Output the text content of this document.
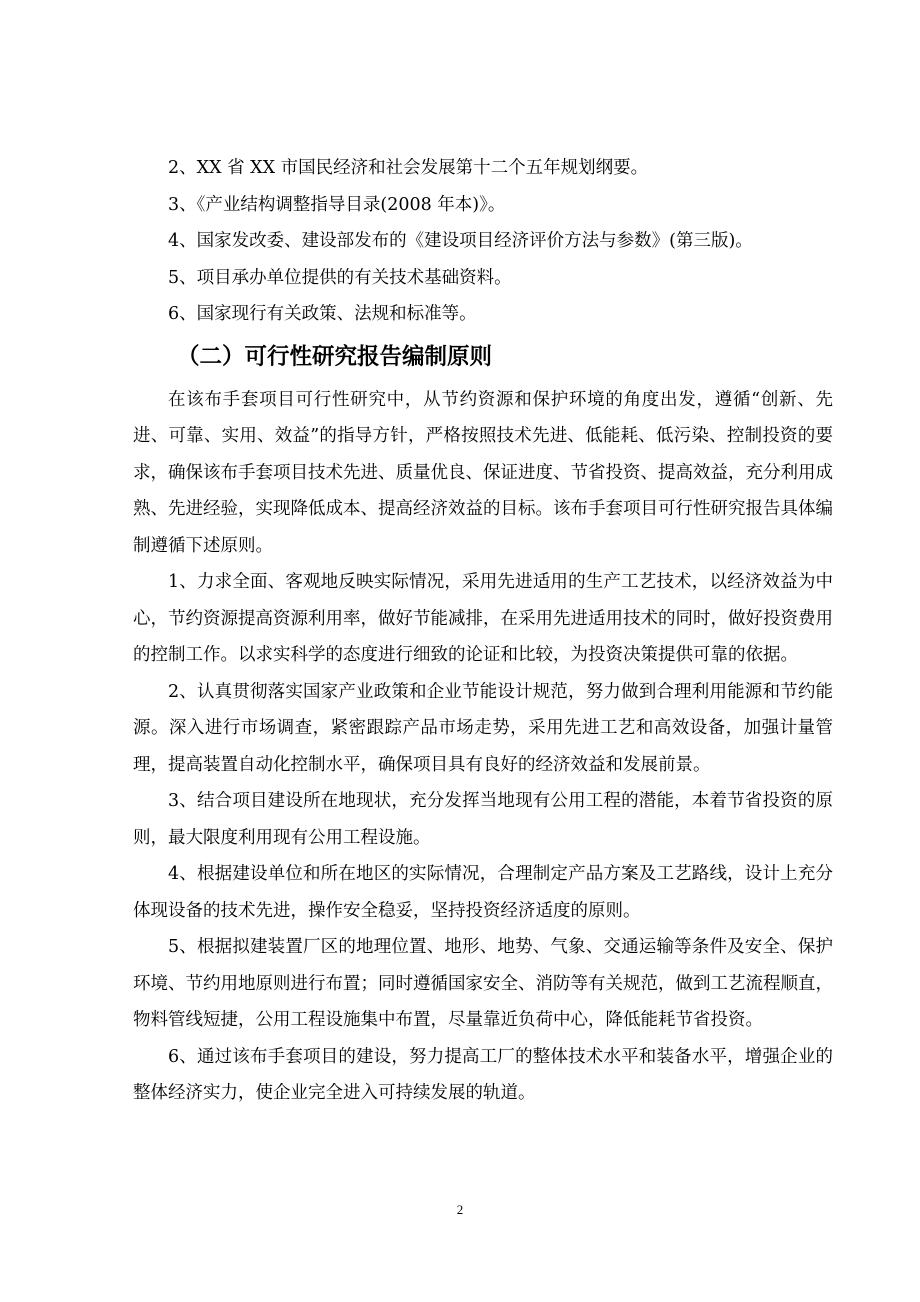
2、XX 省 XX 市国民经济和社会发展第十二个五年规划纲要。
3、《产业结构调整指导目录(2008 年本)》。
4、国家发改委、建设部发布的《建设项目经济评价方法与参数》(第三版)。
5、项目承办单位提供的有关技术基础资料。
6、国家现行有关政策、法规和标准等。
（二）可行性研究报告编制原则

在该布手套项目可行性研究中，从节约资源和保护环境的角度出发，遵循“创新、先进、可靠、实用、效益”的指导方针，严格按照技术先进、低能耗、低污染、控制投资的要求，确保该布手套项目技术先进、质量优良、保证进度、节省投资、提高效益，充分利用成熟、先进经验，实现降低成本、提高经济效益的目标。该布手套项目可行性研究报告具体编制遵循下述原则。

1、力求全面、客观地反映实际情况，采用先进适用的生产工艺技术，以经济效益为中心，节约资源提高资源利用率，做好节能减排，在采用先进适用技术的同时，做好投资费用的控制工作。以求实科学的态度进行细致的论证和比较，为投资决策提供可靠的依据。

2、认真贯彻落实国家产业政策和企业节能设计规范，努力做到合理利用能源和节约能源。深入进行市场调查，紧密跟踪产品市场走势，采用先进工艺和高效设备，加强计量管理，提高装置自动化控制水平，确保项目具有良好的经济效益和发展前景。

3、结合项目建设所在地现状，充分发挥当地现有公用工程的潜能，本着节省投资的原则，最大限度利用现有公用工程设施。

4、根据建设单位和所在地区的实际情况，合理制定产品方案及工艺路线，设计上充分体现设备的技术先进，操作安全稳妥，坚持投资经济适度的原则。

5、根据拟建装置厂区的地理位置、地形、地势、气象、交通运输等条件及安全、保护环境、节约用地原则进行布置；同时遵循国家安全、消防等有关规范，做到工艺流程顺直，物料管线短捷，公用工程设施集中布置，尽量靠近负荷中心，降低能耗节省投资。

6、通过该布手套项目的建设，努力提高工厂的整体技术水平和装备水平，增强企业的整体经济实力，使企业完全进入可持续发展的轨道。

2
